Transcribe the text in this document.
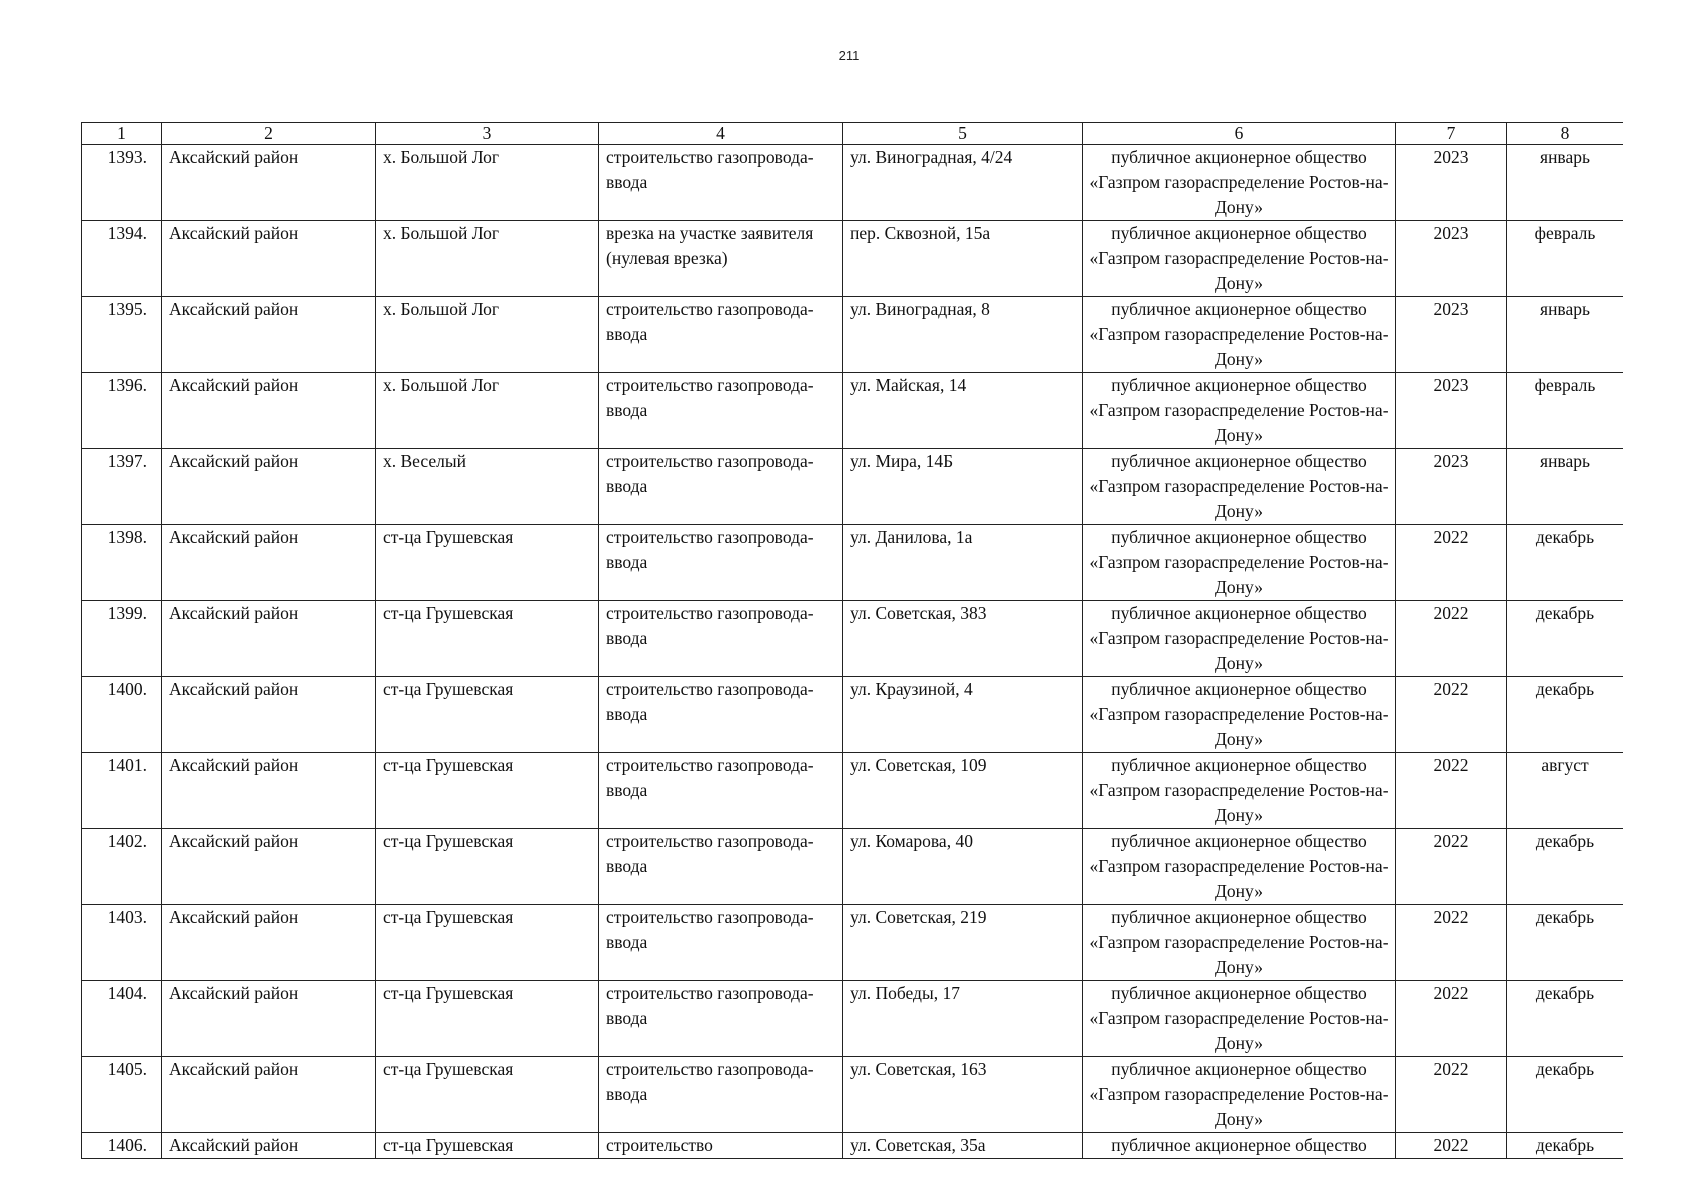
211
1	2	3	4	5	6	7	8
1393.	Аксайский район	х. Большой Лог	строительство газопровода-ввода	ул. Виноградная, 4/24	публичное акционерное общество «Газпром газораспределение Ростов-на-Дону»	2023	январь
1394.	Аксайский район	х. Большой Лог	врезка на участке заявителя (нулевая врезка)	пер. Сквозной, 15а	публичное акционерное общество «Газпром газораспределение Ростов-на-Дону»	2023	февраль
1395.	Аксайский район	х. Большой Лог	строительство газопровода-ввода	ул. Виноградная, 8	публичное акционерное общество «Газпром газораспределение Ростов-на-Дону»	2023	январь
1396.	Аксайский район	х. Большой Лог	строительство газопровода-ввода	ул. Майская, 14	публичное акционерное общество «Газпром газораспределение Ростов-на-Дону»	2023	февраль
1397.	Аксайский район	х. Веселый	строительство газопровода-ввода	ул. Мира, 14Б	публичное акционерное общество «Газпром газораспределение Ростов-на-Дону»	2023	январь
1398.	Аксайский район	ст-ца Грушевская	строительство газопровода-ввода	ул. Данилова, 1а	публичное акционерное общество «Газпром газораспределение Ростов-на-Дону»	2022	декабрь
1399.	Аксайский район	ст-ца Грушевская	строительство газопровода-ввода	ул. Советская, 383	публичное акционерное общество «Газпром газораспределение Ростов-на-Дону»	2022	декабрь
1400.	Аксайский район	ст-ца Грушевская	строительство газопровода-ввода	ул. Краузиной, 4	публичное акционерное общество «Газпром газораспределение Ростов-на-Дону»	2022	декабрь
1401.	Аксайский район	ст-ца Грушевская	строительство газопровода-ввода	ул. Советская, 109	публичное акционерное общество «Газпром газораспределение Ростов-на-Дону»	2022	август
1402.	Аксайский район	ст-ца Грушевская	строительство газопровода-ввода	ул. Комарова, 40	публичное акционерное общество «Газпром газораспределение Ростов-на-Дону»	2022	декабрь
1403.	Аксайский район	ст-ца Грушевская	строительство газопровода-ввода	ул. Советская, 219	публичное акционерное общество «Газпром газораспределение Ростов-на-Дону»	2022	декабрь
1404.	Аксайский район	ст-ца Грушевская	строительство газопровода-ввода	ул. Победы, 17	публичное акционерное общество «Газпром газораспределение Ростов-на-Дону»	2022	декабрь
1405.	Аксайский район	ст-ца Грушевская	строительство газопровода-ввода	ул. Советская, 163	публичное акционерное общество «Газпром газораспределение Ростов-на-Дону»	2022	декабрь
1406.	Аксайский район	ст-ца Грушевская	строительство	ул. Советская, 35а	публичное акционерное общество	2022	декабрь
